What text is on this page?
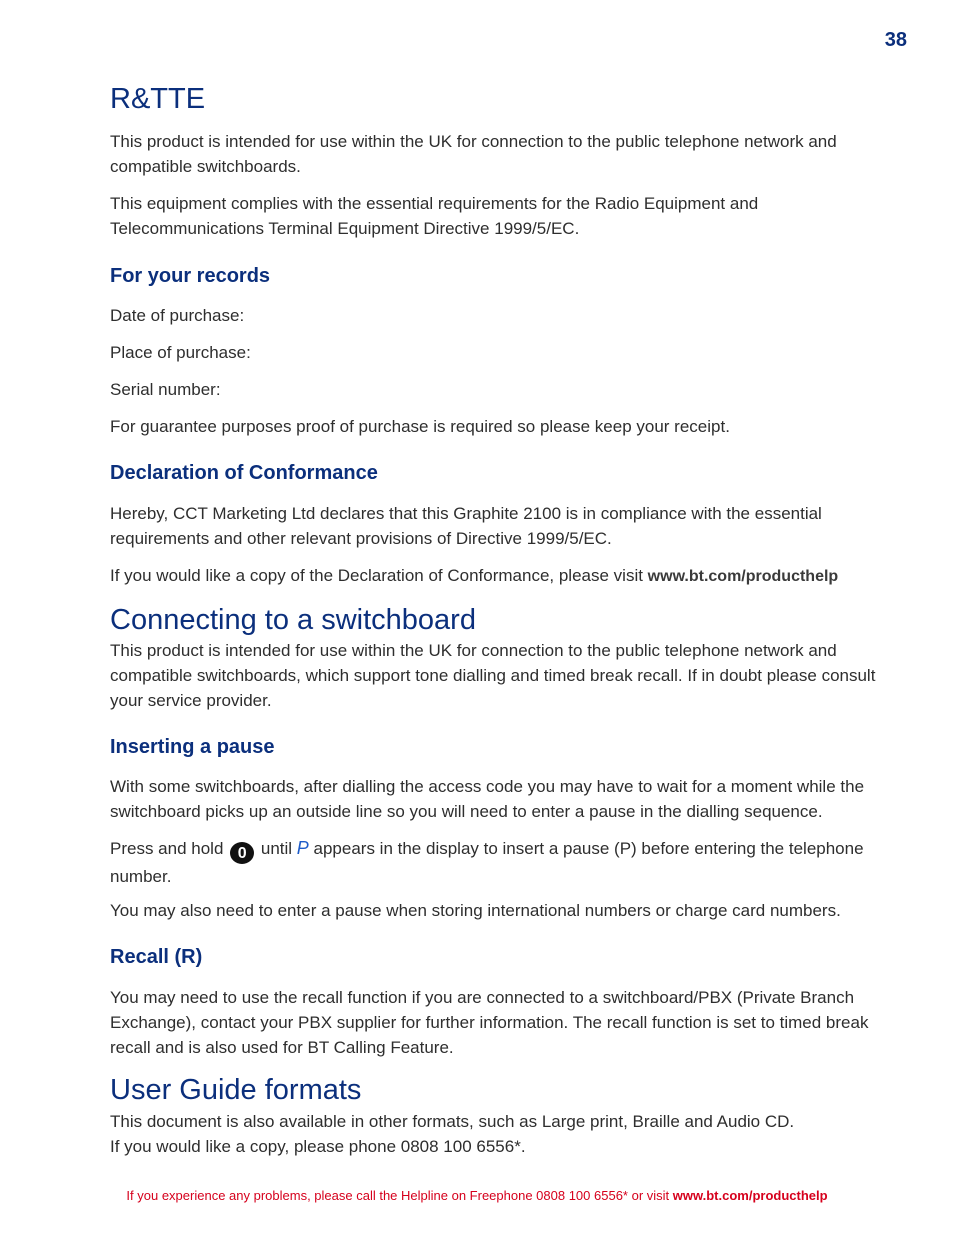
38
R&TTE

This product is intended for use within the UK for connection to the public telephone network and compatible switchboards.

This equipment complies with the essential requirements for the Radio Equipment and Telecommunications Terminal Equipment Directive 1999/5/EC.

For your records

Date of purchase:

Place of purchase:

Serial number:

For guarantee purposes proof of purchase is required so please keep your receipt.

Declaration of Conformance

Hereby, CCT Marketing Ltd declares that this Graphite 2100 is in compliance with the essential requirements and other relevant provisions of Directive 1999/5/EC.

If you would like a copy of the Declaration of Conformance, please visit www.bt.com/producthelp

Connecting to a switchboard

This product is intended for use within the UK for connection to the public telephone network and compatible switchboards, which support tone dialling and timed break recall. If in doubt please consult your service provider.

Inserting a pause

With some switchboards, after dialling the access code you may have to wait for a moment while the switchboard picks up an outside line so you will need to enter a pause in the dialling sequence.

Press and hold 0 until P appears in the display to insert a pause (P) before entering the telephone number.

You may also need to enter a pause when storing international numbers or charge card numbers.

Recall (R)

You may need to use the recall function if you are connected to a switchboard/PBX (Private Branch Exchange), contact your PBX supplier for further information. The recall function is set to timed break recall and is also used for BT Calling Feature.

User Guide formats

This document is also available in other formats, such as Large print, Braille and Audio CD.

If you would like a copy, please phone 0808 100 6556*.

If you experience any problems, please call the Helpline on Freephone 0808 100 6556* or visit www.bt.com/producthelp
